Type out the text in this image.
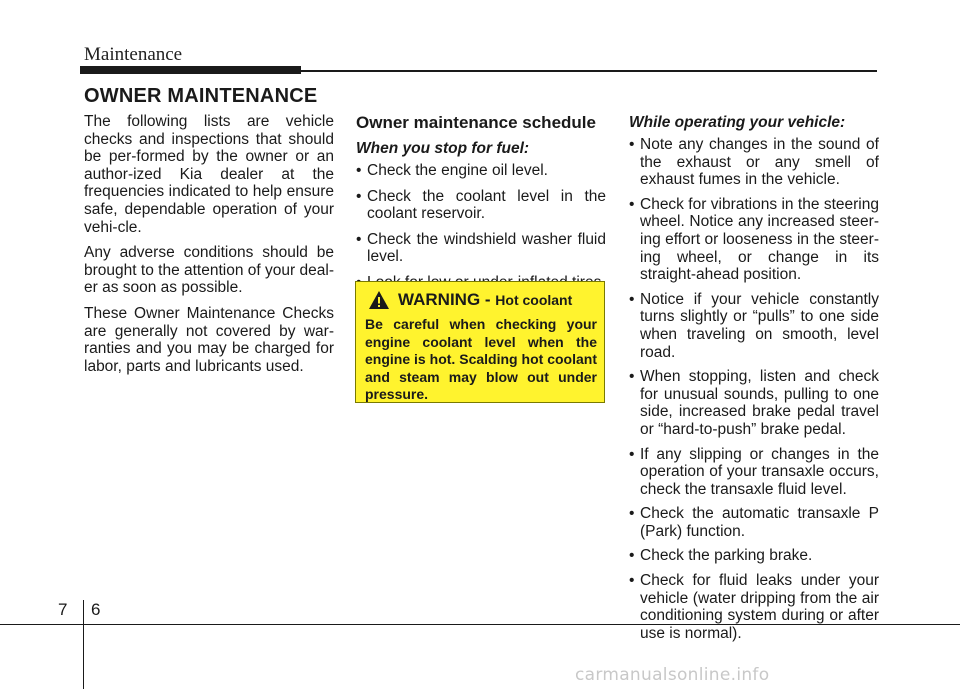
Maintenance
OWNER MAINTENANCE

The following lists are vehicle checks and inspections that should be per-formed by the owner or an author-ized Kia dealer at the frequencies indicated to help ensure safe, dependable operation of your vehi-cle.

Any adverse conditions should be brought to the attention of your deal-er as soon as possible.

These Owner Maintenance Checks are generally not covered by war-ranties and you may be charged for labor, parts and lubricants used.

Owner maintenance schedule
When you stop for fuel:
• Check the engine oil level.
• Check the coolant level in the coolant reservoir.
• Check the windshield washer fluid level.
•
WARNING - Hot coolant

Be careful when checking your engine coolant level when the engine is hot. Scalding hot coolant and steam may blow out under pressure.

While operating your vehicle:
• Note any changes in the sound of the exhaust or any smell of exhaust fumes in the vehicle.
• Check for vibrations in the steering wheel. Notice any increased steer-ing effort or looseness in the steer-ing wheel, or change in its straight-ahead position.
• Notice if your vehicle constantly turns slightly or “pulls” to one side when traveling on smooth, level road.
• When stopping, listen and check for unusual sounds, pulling to one side, increased brake pedal travel or “hard-to-push” brake pedal.
• If any slipping or changes in the operation of your transaxle occurs, check the transaxle fluid level.
• Check the automatic transaxle P (Park) function.
• Check the parking brake.
• Check for fluid leaks under your vehicle (water dripping from the air conditioning system during or after use is normal).
7 6
carmanualsonline.info
